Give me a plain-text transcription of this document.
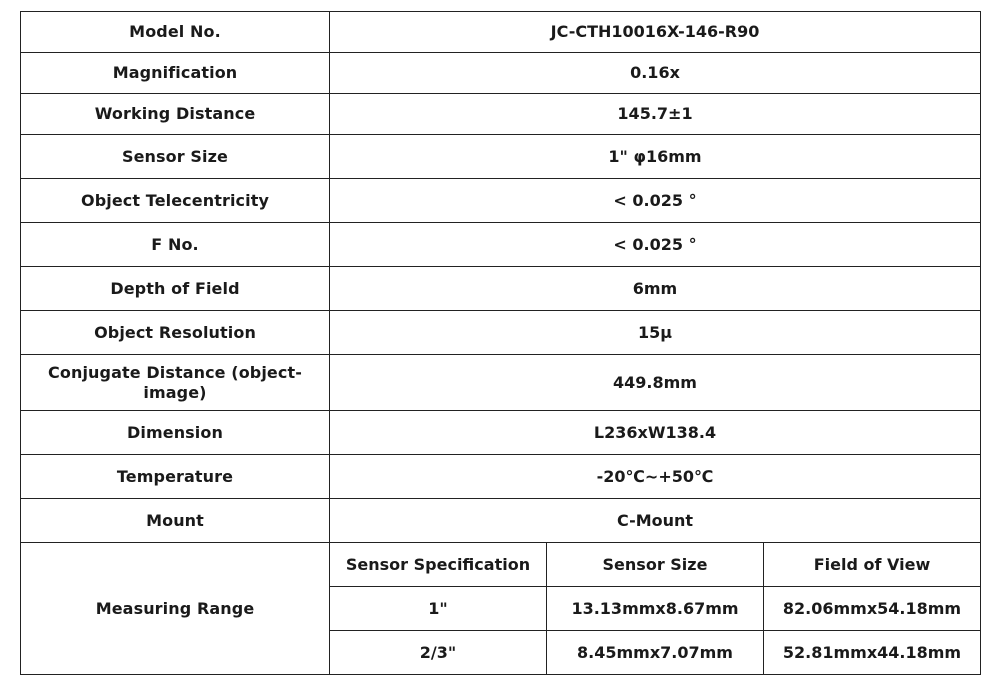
Model No.	JC-CTH10016X-146-R90		
Magnification	0.16x		
Working Distance	145.7±1		
Sensor Size	1" φ16mm		
Object Telecentricity	< 0.025 °		
F No.	< 0.025 °		
Depth of Field	6mm		
Object Resolution	15μ		
Conjugate Distance (object-image)	449.8mm		
Dimension	L236xW138.4		
Temperature	-20℃~+50℃		
Mount	C-Mount		
Measuring Range	Sensor Specification	Sensor Size	Field of View
	1"	13.13mmx8.67mm	82.06mmx54.18mm
	2/3"	8.45mmx7.07mm	52.81mmx44.18mm
